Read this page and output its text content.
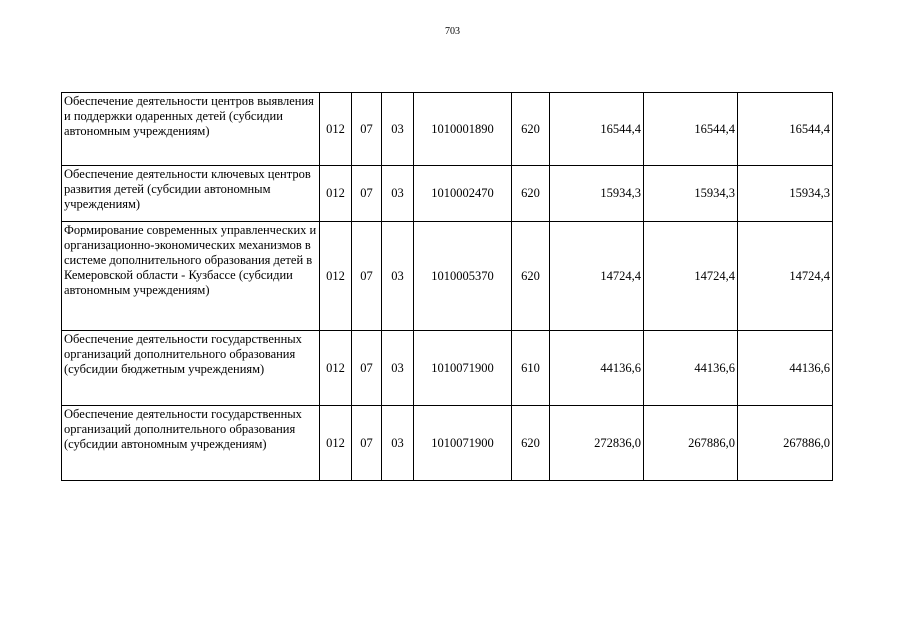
703
Обеспечение деятельности центров выявления и поддержки одаренных детей (субсидии автономным учреждениям)	012	07	03	1010001890	620	16544,4	16544,4	16544,4
Обеспечение деятельности ключевых центров развития детей (субсидии автономным учреждениям)	012	07	03	1010002470	620	15934,3	15934,3	15934,3
Формирование современных управленческих и организационно-экономических механизмов в системе дополнительного образования детей в Кемеровской области - Кузбассе (субсидии автономным учреждениям)	012	07	03	1010005370	620	14724,4	14724,4	14724,4
Обеспечение деятельности государственных организаций дополнительного образования (субсидии бюджетным учреждениям)	012	07	03	1010071900	610	44136,6	44136,6	44136,6
Обеспечение деятельности государственных организаций дополнительного образования (субсидии автономным учреждениям)	012	07	03	1010071900	620	272836,0	267886,0	267886,0
